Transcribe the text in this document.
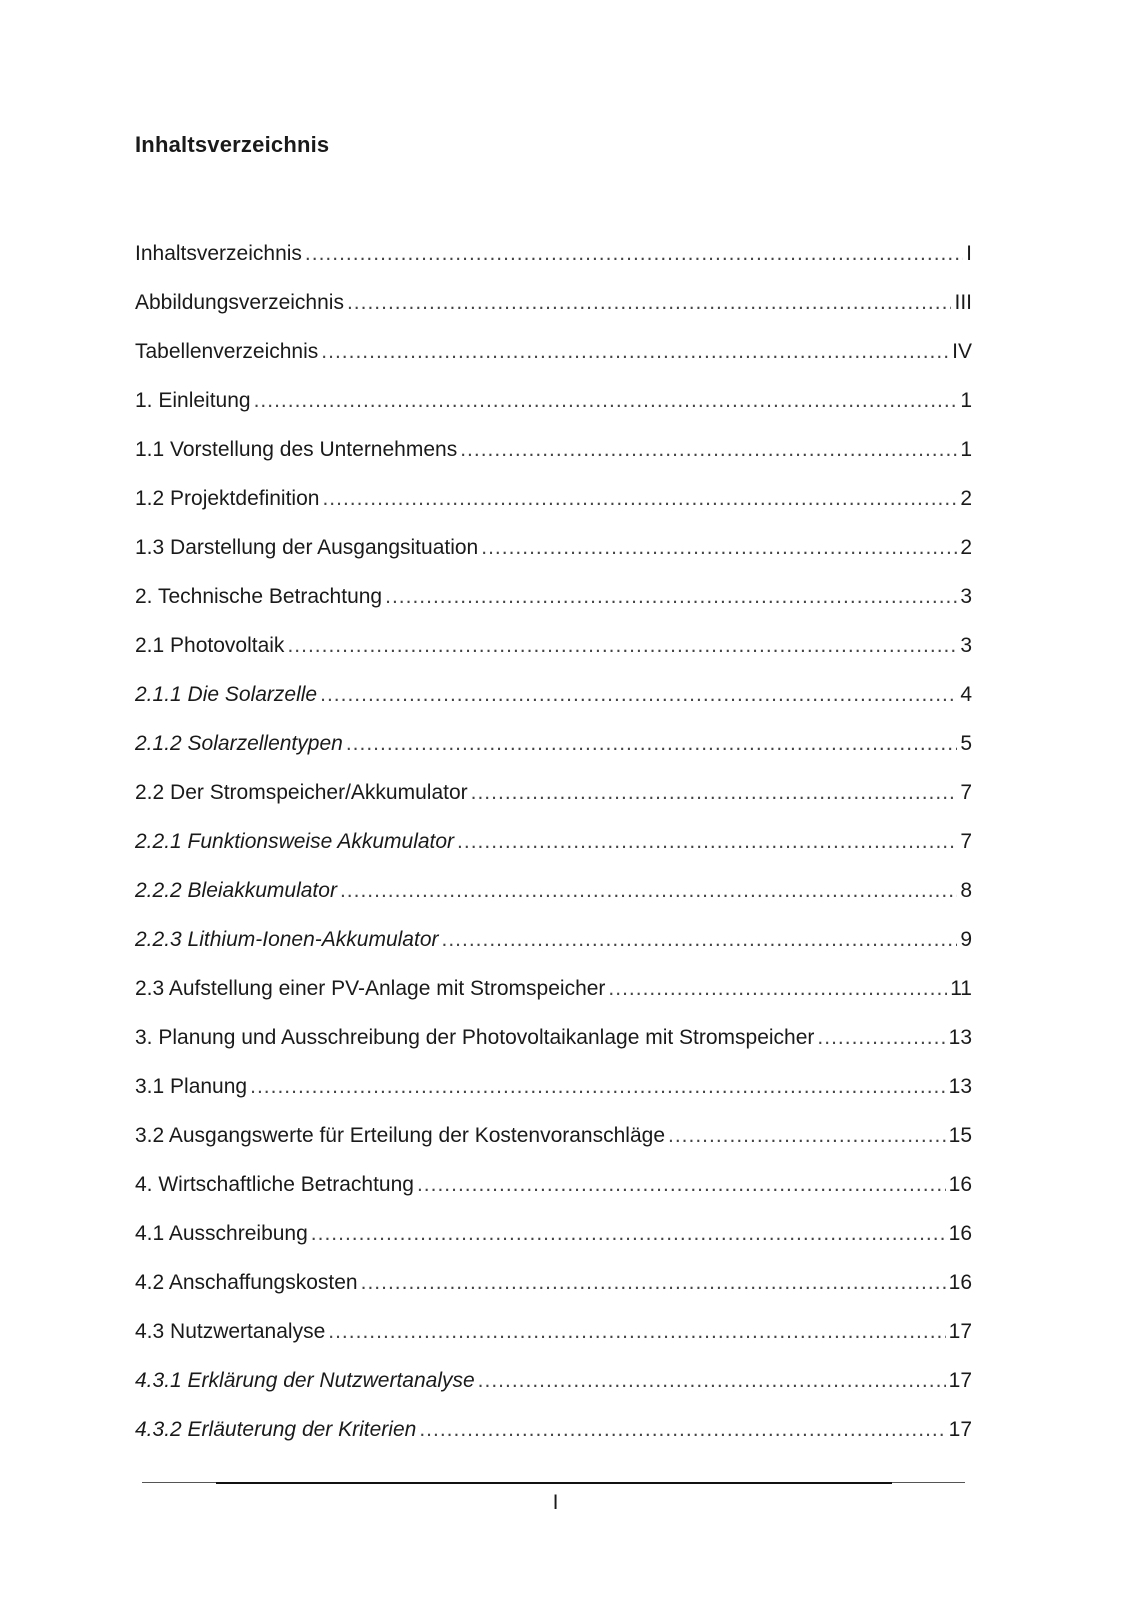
Inhaltsverzeichnis
Inhaltsverzeichnis .....	I
Abbildungsverzeichnis .....	III
Tabellenverzeichnis .....	IV
1. Einleitung .....	1
1.1 Vorstellung des Unternehmens .....	1
1.2 Projektdefinition .....	2
1.3 Darstellung der Ausgangsituation .....	2
2. Technische Betrachtung .....	3
2.1 Photovoltaik .....	3
2.1.1 Die Solarzelle .....	4
2.1.2 Solarzellentypen .....	5
2.2 Der Stromspeicher/Akkumulator .....	7
2.2.1 Funktionsweise Akkumulator .....	7
2.2.2 Bleiakkumulator .....	8
2.2.3 Lithium-Ionen-Akkumulator .....	9
2.3 Aufstellung einer PV-Anlage mit Stromspeicher .....	11
3. Planung und Ausschreibung der Photovoltaikanlage mit Stromspeicher .....	13
3.1 Planung .....	13
3.2 Ausgangswerte für Erteilung der Kostenvoranschläge .....	15
4. Wirtschaftliche Betrachtung .....	16
4.1 Ausschreibung .....	16
4.2 Anschaffungskosten .....	16
4.3 Nutzwertanalyse .....	17
4.3.1 Erklärung der Nutzwertanalyse .....	17
4.3.2 Erläuterung der Kriterien .....	17
I
